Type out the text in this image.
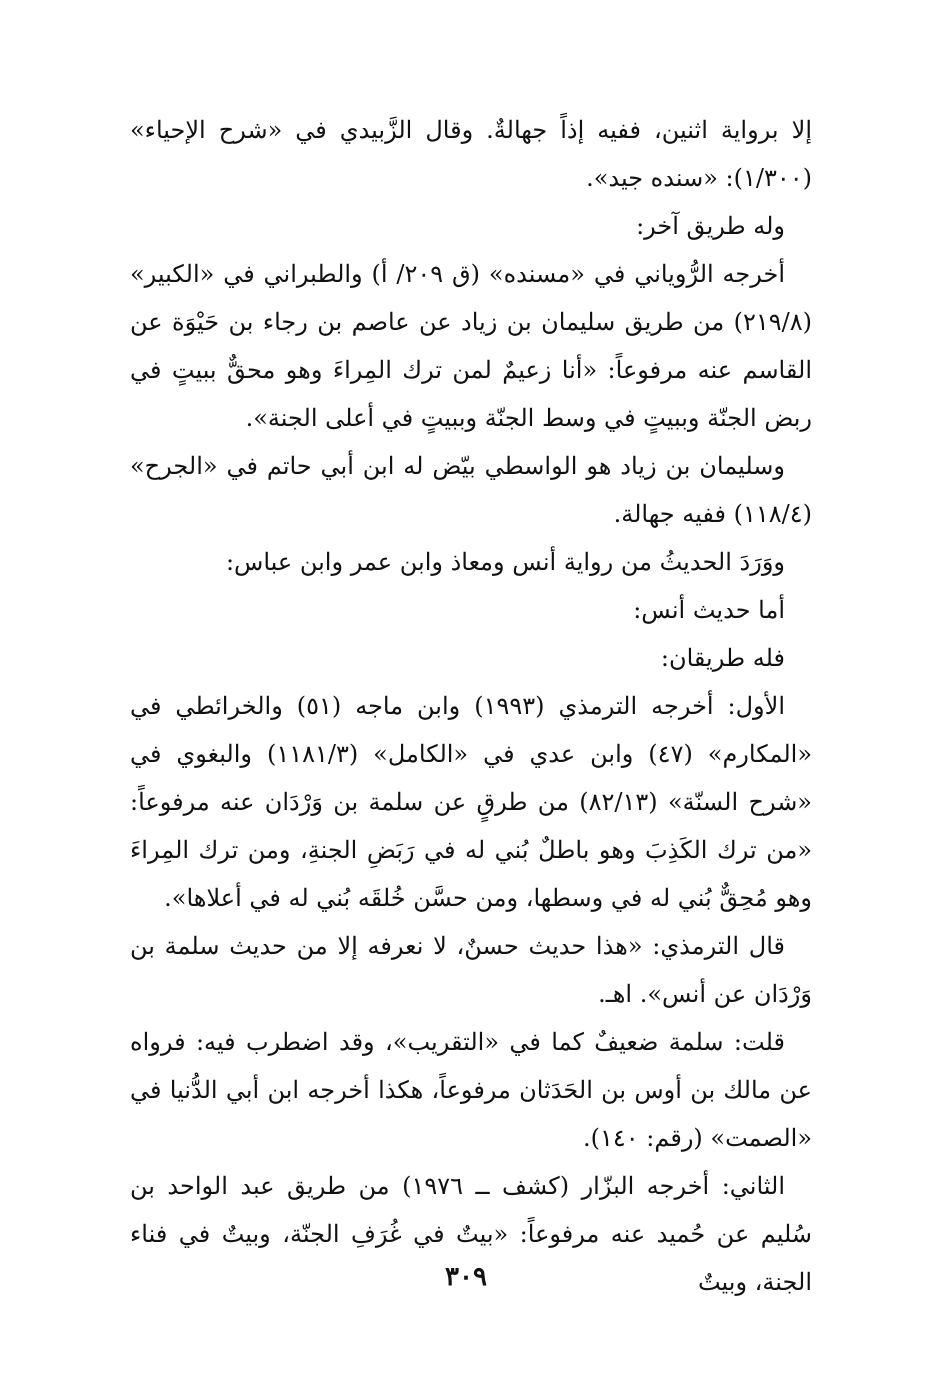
إلا برواية اثنين، ففيه إذاً جهالةٌ. وقال الزَّبيدي في «شرح الإحياء» (١/٣٠٠): «سنده جيد».

وله طريق آخر:

أخرجه الرُّوياني في «مسنده» (ق ٢٠٩/ أ) والطبراني في «الكبير» (٢١٩/٨) من طريق سليمان بن زياد عن عاصم بن رجاء بن حَيْوَة عن القاسم عنه مرفوعاً: «أنا زعيمٌ لمن ترك المِراءَ وهو محقٌّ ببيتٍ في ربض الجنّة وببيتٍ في وسط الجنّة وببيتٍ في أعلى الجنة».

وسليمان بن زياد هو الواسطي بيّض له ابن أبي حاتم في «الجرح» (١١٨/٤) ففيه جهالة.

ووَرَدَ الحديثُ من رواية أنس ومعاذ وابن عمر وابن عباس:

أما حديث أنس:

فله طريقان:

الأول: أخرجه الترمذي (١٩٩٣) وابن ماجه (٥١) والخرائطي في «المكارم» (٤٧) وابن عدي في «الكامل» (١١٨١/٣) والبغوي في «شرح السنّة» (٨٢/١٣) من طرقٍ عن سلمة بن وَرْدَان عنه مرفوعاً: «من ترك الكَذِبَ وهو باطلٌ بُني له في رَبَضِ الجنةِ، ومن ترك المِراءَ وهو مُحِقٌّ بُني له في وسطها، ومن حسَّن خُلقَه بُني له في أعلاها».

قال الترمذي: «هذا حديث حسنٌ، لا نعرفه إلا من حديث سلمة بن وَرْدَان عن أنس». اهـ.

قلت: سلمة ضعيفٌ كما في «التقريب»، وقد اضطرب فيه: فرواه عن مالك بن أوس بن الحَدَثان مرفوعاً، هكذا أخرجه ابن أبي الدُّنيا في «الصمت» (رقم: ١٤٠).

الثاني: أخرجه البزّار (كشف ــ ١٩٧٦) من طريق عبد الواحد بن سُليم عن حُميد عنه مرفوعاً: «بيتٌ في غُرَفِ الجنّة، وبيتٌ في فناء الجنة، وبيتٌ

٣٠٩
